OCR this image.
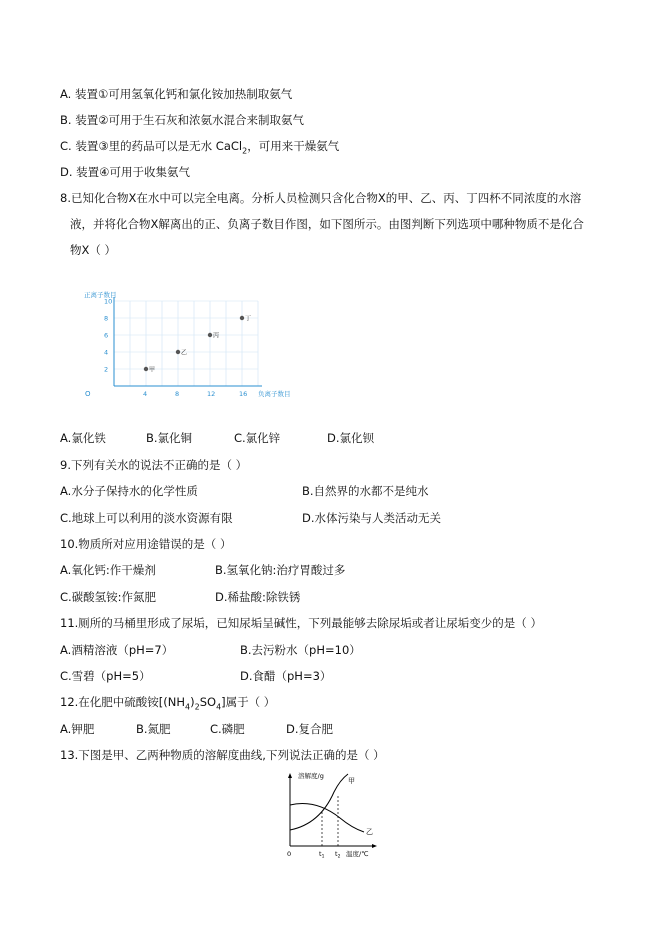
A. 装置①可用氢氧化钙和氯化铵加热制取氨气
B. 装置②可用于生石灰和浓氨水混合来制取氨气
C. 装置③里的药品可以是无水 CaCl$_2$，可用来干燥氨气
D. 装置④可用于收集氨气
8.已知化合物X在水中可以完全电离。分析人员检测只含化合物X的甲、乙、丙、丁四杯不同浓度的水溶
液，并将化合物X解离出的正、负离子数目作图，如下图所示。由图判断下列选项中哪种物质不是化合
物X（ ）
4	8	12	16
2
4
6
8
10
甲
乙
丙
丁
正离子数目
负离子数目
O
A.氯化铁	B.氯化铜	C.氯化锌	D.氯化钡
9.下列有关水的说法不正确的是（ ）
A.水分子保持水的化学性质	B.自然界的水都不是纯水
C.地球上可以利用的淡水资源有限	D.水体污染与人类活动无关
10.物质所对应用途错误的是（ ）
A.氧化钙:作干燥剂	B.氢氧化钠:治疗胃酸过多
C.碳酸氢铵:作氮肥	D.稀盐酸:除铁锈
11.厕所的马桶里形成了尿垢，已知尿垢呈碱性，下列最能够去除尿垢或者让尿垢变少的是（ ）
A.酒精溶液（pH=7）	B.去污粉水（pH=10）
C.雪碧（pH=5）	D.食醋（pH=3）
12.在化肥中硫酸铵$[(NH_4)_2SO_4]$属于（ ）
A.钾肥	B.氮肥	C.磷肥	D.复合肥
13.下图是甲、乙两种物质的溶解度曲线,下列说法正确的是（ ）
溶解度/g
甲
乙
0	$t_1$ $t_2$ 温度/℃
